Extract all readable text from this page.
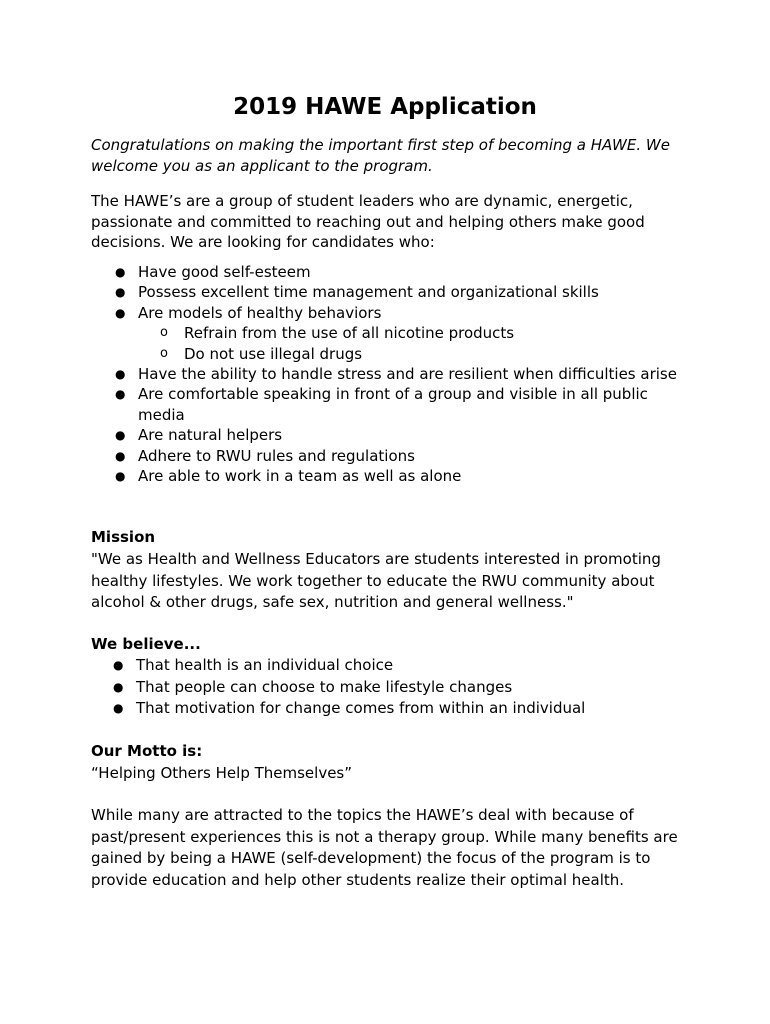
2019 HAWE Application

Congratulations on making the important first step of becoming a HAWE. We welcome you as an applicant to the program.

The HAWE’s are a group of student leaders who are dynamic, energetic, passionate and committed to reaching out and helping others make good decisions. We are looking for candidates who:

● Have good self-esteem
● Possess excellent time management and organizational skills
● Are models of healthy behaviors
o Refrain from the use of all nicotine products
o Do not use illegal drugs
● Have the ability to handle stress and are resilient when difficulties arise
● Are comfortable speaking in front of a group and visible in all public media
● Are natural helpers
● Adhere to RWU rules and regulations
● Are able to work in a team as well as alone
Mission

"We as Health and Wellness Educators are students interested in promoting healthy lifestyles. We work together to educate the RWU community about alcohol & other drugs, safe sex, nutrition and general wellness."

We believe...
● That health is an individual choice
● That people can choose to make lifestyle changes
● That motivation for change comes from within an individual
Our Motto is:
“Helping Others Help Themselves”

While many are attracted to the topics the HAWE’s deal with because of past/present experiences this is not a therapy group. While many benefits are gained by being a HAWE (self-development) the focus of the program is to provide education and help other students realize their optimal health.
